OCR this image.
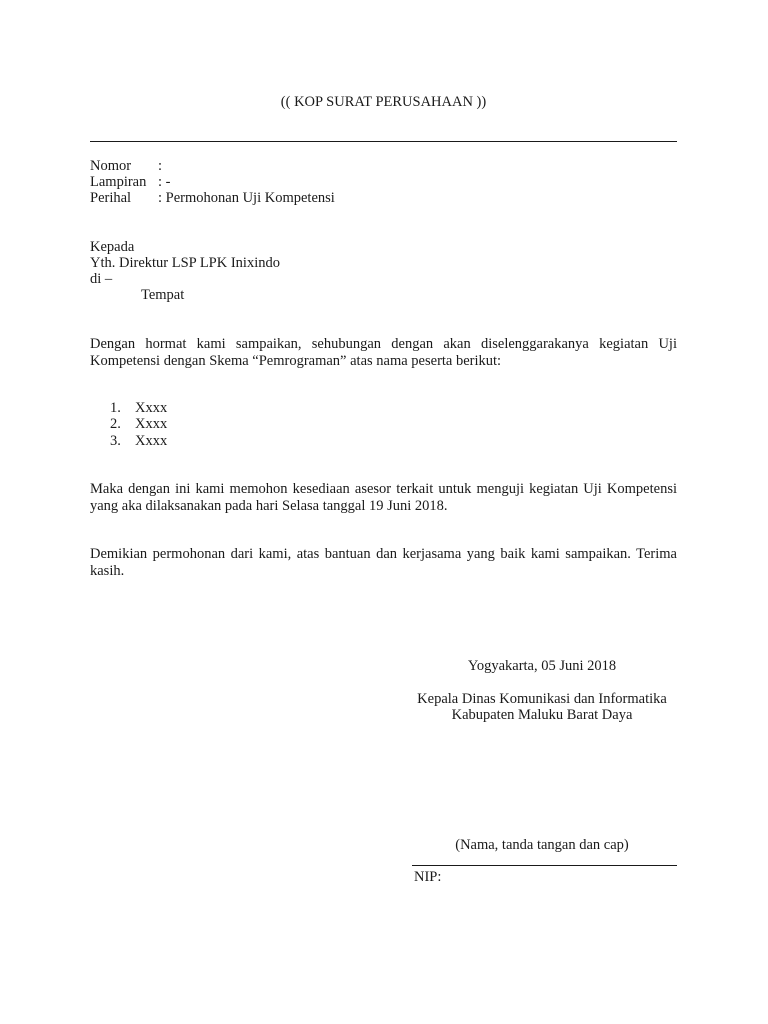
(( KOP SURAT PERUSAHAAN ))
Nomor :
Lampiran : -
Perihal : Permohonan Uji Kompetensi
Kepada
Yth. Direktur LSP LPK Inixindo
di –
Tempat
Dengan hormat kami sampaikan, sehubungan dengan akan diselenggarakanya kegiatan Uji Kompetensi dengan Skema “Pemrograman” atas nama peserta berikut:
1. Xxxx
2. Xxxx
3. Xxxx
Maka dengan ini kami memohon kesediaan asesor terkait untuk menguji kegiatan Uji Kompetensi yang aka dilaksanakan pada hari Selasa tanggal 19 Juni 2018.
Demikian permohonan dari kami, atas bantuan dan kerjasama yang baik kami sampaikan. Terima kasih.
Yogyakarta, 05 Juni 2018
Kepala Dinas Komunikasi dan Informatika
Kabupaten Maluku Barat Daya
(Nama, tanda tangan dan cap)
NIP:
